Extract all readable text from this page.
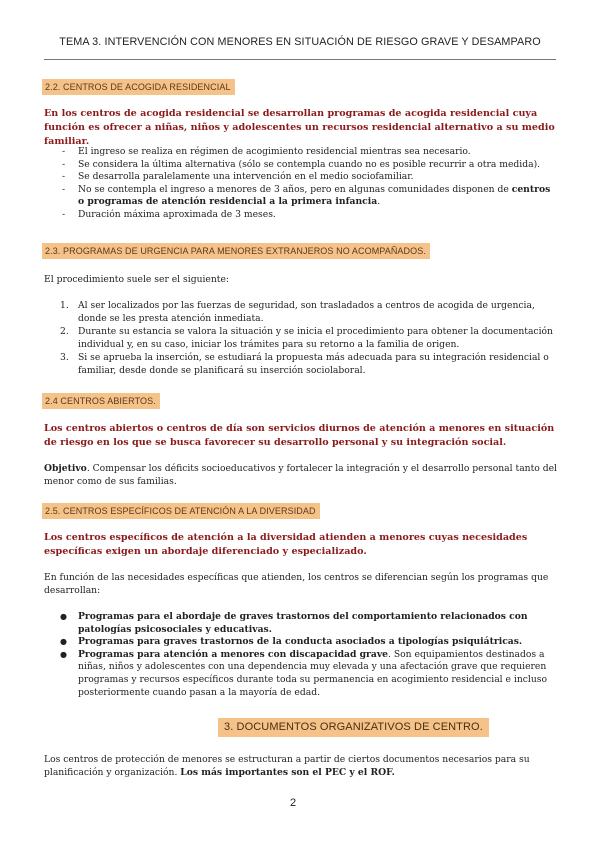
TEMA 3. INTERVENCIÓN CON MENORES EN SITUACIÓN DE RIESGO GRAVE Y DESAMPARO
2.2. CENTROS DE ACOGIDA RESIDENCIAL
En los centros de acogida residencial se desarrollan programas de acogida residencial cuya función es ofrecer a niñas, niños y adolescentes un recursos residencial alternativo a su medio familiar.
- El ingreso se realiza en régimen de acogimiento residencial mientras sea necesario.
- Se considera la última alternativa (sólo se contempla cuando no es posible recurrir a otra medida).
- Se desarrolla paralelamente una intervención en el medio sociofamiliar.
- No se contempla el ingreso a menores de 3 años, pero en algunas comunidades disponen de centros o programas de atención residencial a la primera infancia.
- Duración máxima aproximada de 3 meses.
2.3. PROGRAMAS DE URGENCIA PARA MENORES EXTRANJEROS NO ACOMPAÑADOS.
El procedimiento suele ser el siguiente:
1. Al ser localizados por las fuerzas de seguridad, son trasladados a centros de acogida de urgencia, donde se les presta atención inmediata.
2. Durante su estancia se valora la situación y se inicia el procedimiento para obtener la documentación individual y, en su caso, iniciar los trámites para su retorno a la familia de origen.
3. Si se aprueba la inserción, se estudiará la propuesta más adecuada para su integración residencial o familiar, desde donde se planificará su inserción sociolaboral.
2.4 CENTROS ABIERTOS.
Los centros abiertos o centros de día son servicios diurnos de atención a menores en situación de riesgo en los que se busca favorecer su desarrollo personal y su integración social.
Objetivo. Compensar los déficits socioeducativos y fortalecer la integración y el desarrollo personal tanto del menor como de sus familias.
2.5. CENTROS ESPECÍFICOS DE ATENCIÓN A LA DIVERSIDAD
Los centros específicos de atención a la diversidad atienden a menores cuyas necesidades específicas exigen un abordaje diferenciado y especializado.
En función de las necesidades específicas que atienden, los centros se diferencian según los programas que desarrollan:
● Programas para el abordaje de graves trastornos del comportamiento relacionados con patologías psicosociales y educativas.
● Programas para graves trastornos de la conducta asociados a tipologías psiquiátricas.
● Programas para atención a menores con discapacidad grave. Son equipamientos destinados a niñas, niños y adolescentes con una dependencia muy elevada y una afectación grave que requieren programas y recursos específicos durante toda su permanencia en acogimiento residencial e incluso posteriormente cuando pasan a la mayoría de edad.
3. DOCUMENTOS ORGANIZATIVOS DE CENTRO.
Los centros de protección de menores se estructuran a partir de ciertos documentos necesarios para su planificación y organización. Los más importantes son el PEC y el ROF.
2
